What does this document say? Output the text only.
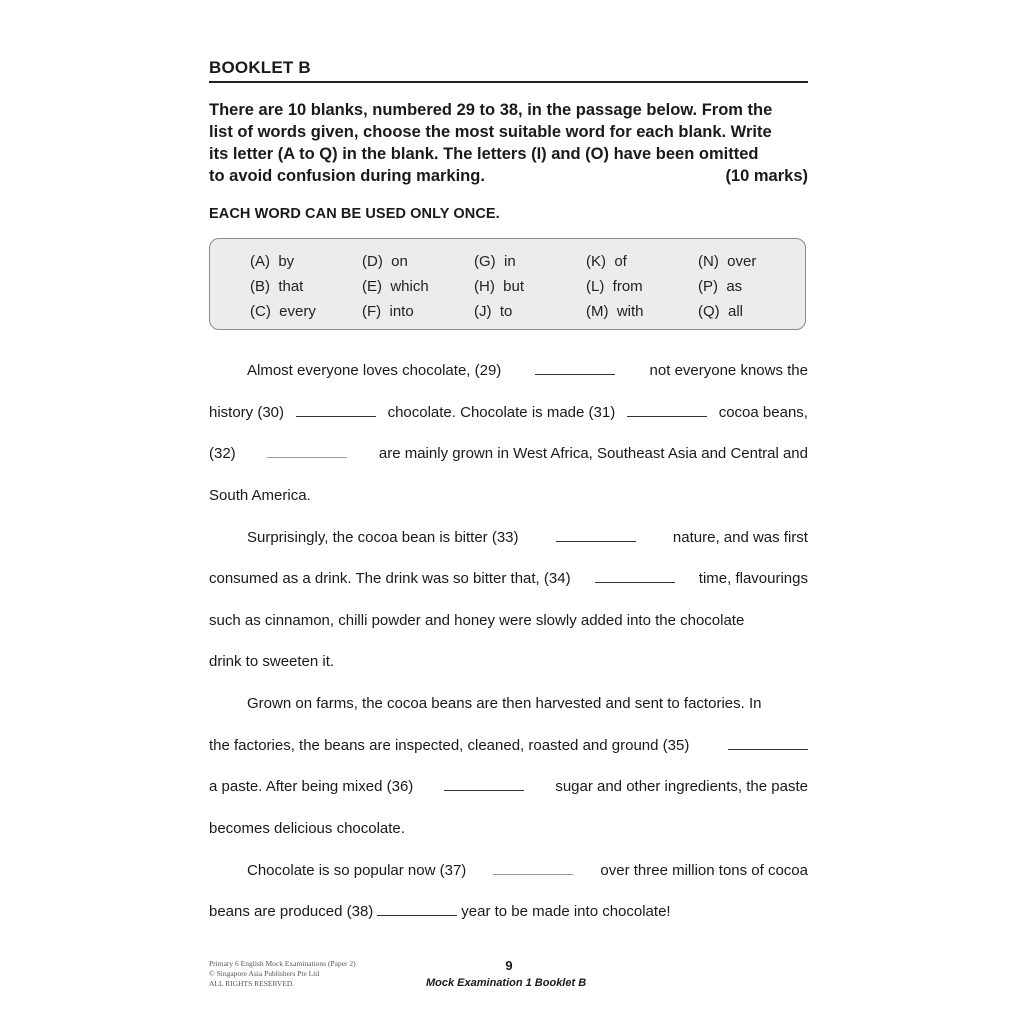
BOOKLET B
There are 10 blanks, numbered 29 to 38, in the passage below. From the
list of words given, choose the most suitable word for each blank. Write
its letter (A to Q) in the blank. The letters (I) and (O) have been omitted
to avoid confusion during marking.	(10 marks)
EACH WORD CAN BE USED ONLY ONCE.
(A)  by	(D)  on	(G)  in	(K)  of	(N)  over
(B)  that	(E)  which	(H)  but	(L)  from	(P)  as
(C)  every	(F)  into	(J)  to	(M)  with	(Q)  all
Almost everyone loves chocolate, (29)	not everyone knows the
history (30)	chocolate. Chocolate is made (31)	cocoa beans,
(32)	are mainly grown in West Africa, Southeast Asia and Central and
South America.
Surprisingly, the cocoa bean is bitter (33)	nature, and was first
consumed as a drink. The drink was so bitter that, (34)	time, flavourings
such as cinnamon, chilli powder and honey were slowly added into the chocolate
drink to sweeten it.
Grown on farms, the cocoa beans are then harvested and sent to factories. In
the factories, the beans are inspected, cleaned, roasted and ground (35)
a paste. After being mixed (36)	sugar and other ingredients, the paste
becomes delicious chocolate.
Chocolate is so popular now (37)	over three million tons of cocoa
beans are produced (38)	year to be made into chocolate!
Primary 6 English Mock Examinations (Paper 2)
© Singapore Asia Publishers Pte Ltd
ALL RIGHTS RESERVED.
9
Mock Examination 1 Booklet B
